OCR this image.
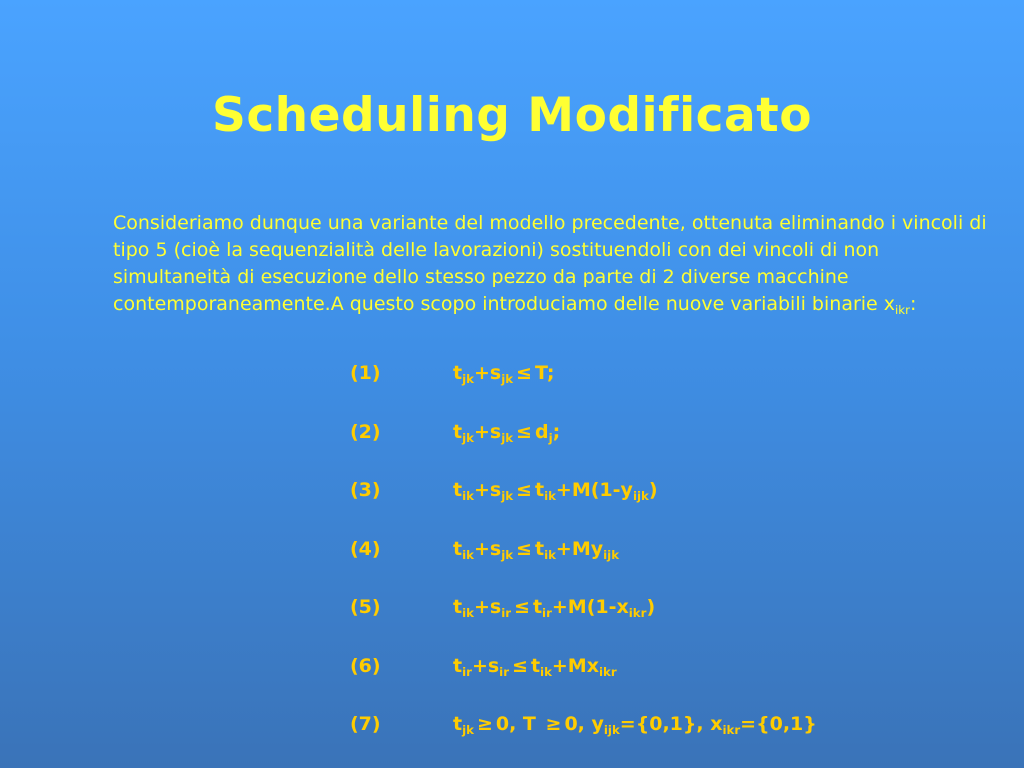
Scheduling Modificato
Consideriamo dunque una variante del modello precedente, ottenuta eliminando i vincoli di tipo 5 (cioè la sequenzialità delle lavorazioni) sostituendoli con dei vincoli di non simultaneità di esecuzione dello stesso pezzo da parte di 2 diverse macchine contemporaneamente.A questo scopo introduciamo delle nuove variabili binarie $x_{ikr}$:
(1)	$t_{jk}+s_{jk} \le T$;
(2)	$t_{jk}+s_{jk} \le d_j$;
(3)	$t_{ik}+s_{jk} \le t_{ik}+M(1-y_{ijk})$
(4)	$t_{ik}+s_{jk} \le t_{ik}+My_{ijk}$
(5)	$t_{ik}+s_{ir} \le t_{ir}+M(1-x_{ikr})$
(6)	$t_{ir}+s_{ir} \le t_{ik}+Mx_{ikr}$
(7)	$t_{jk} \ge 0$, T ≥ 0, $y_{ijk}=\{0,1\}$, $x_{ikr}=\{0,1\}$
